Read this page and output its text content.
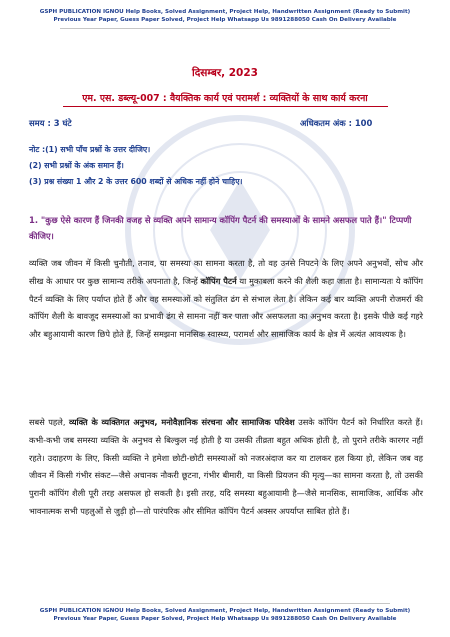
GSPH PUBLICATION IGNOU Help Books, Solved Assignment, Project Help, Handwritten Assignment (Ready to Submit)
Previous Year Paper, Guess Paper Solved, Project Help Whatsapp Us 9891288050 Cash On Delivery Available
दिसम्बर, 2023
एम. एस. डब्ल्यू-007 : वैयक्तिक कार्य एवं परामर्श : व्यक्तियों के साथ कार्य करना
समय : 3 घंटे	अधिकतम अंक : 100
नोट :(1) सभी पाँच प्रश्नों के उत्तर दीजिए।
(2) सभी प्रश्नों के अंक समान हैं।
(3) प्रश्न संख्या 1 और 2 के उत्तर 600 शब्दों से अधिक नहीं होने चाहिए।
1. "कुछ ऐसे कारण हैं जिनकी वजह से व्यक्ति अपने सामान्य कॉपिंग पैटर्न की समस्याओं के सामने असफल पाते हैं।" टिप्पणी कीजिए।
व्यक्ति जब जीवन में किसी चुनौती, तनाव, या समस्या का सामना करता है, तो वह उनसे निपटने के लिए अपने अनुभवों, सोच और सीख के आधार पर कुछ सामान्य तरीके अपनाता है, जिन्हें कॉपिंग पैटर्न या मुकाबला करने की शैली कहा जाता है। सामान्यतः ये कॉपिंग पैटर्न व्यक्ति के लिए पर्याप्त होते हैं और वह समस्याओं को संतुलित ढंग से संभाल लेता है। लेकिन कई बार व्यक्ति अपनी रोजमर्रा की कॉपिंग शैली के बावजूद समस्याओं का प्रभावी ढंग से सामना नहीं कर पाता और असफलता का अनुभव करता है। इसके पीछे कई गहरे और बहुआयामी कारण छिपे होते हैं, जिन्हें समझना मानसिक स्वास्थ्य, परामर्श और सामाजिक कार्य के क्षेत्र में अत्यंत आवश्यक है।
सबसे पहले, व्यक्ति के व्यक्तिगत अनुभव, मनोवैज्ञानिक संरचना और सामाजिक परिवेश उसके कॉपिंग पैटर्न को निर्धारित करते हैं। कभी-कभी जब समस्या व्यक्ति के अनुभव से बिल्कुल नई होती है या उसकी तीव्रता बहुत अधिक होती है, तो पुराने तरीके कारगर नहीं रहते। उदाहरण के लिए, किसी व्यक्ति ने हमेशा छोटी-छोटी समस्याओं को नजरअंदाज कर या टालकर हल किया हो, लेकिन जब वह जीवन में किसी गंभीर संकट—जैसे अचानक नौकरी छूटना, गंभीर बीमारी, या किसी प्रियजन की मृत्यु—का सामना करता है, तो उसकी पुरानी कॉपिंग शैली पूरी तरह असफल हो सकती है। इसी तरह, यदि समस्या बहुआयामी है—जैसे मानसिक, सामाजिक, आर्थिक और भावनात्मक सभी पहलुओं से जुड़ी हो—तो पारंपरिक और सीमित कॉपिंग पैटर्न अक्सर अपर्याप्त साबित होते हैं।
GSPH PUBLICATION IGNOU Help Books, Solved Assignment, Project Help, Handwritten Assignment (Ready to Submit)
Previous Year Paper, Guess Paper Solved, Project Help Whatsapp Us 9891288050 Cash On Delivery Available
